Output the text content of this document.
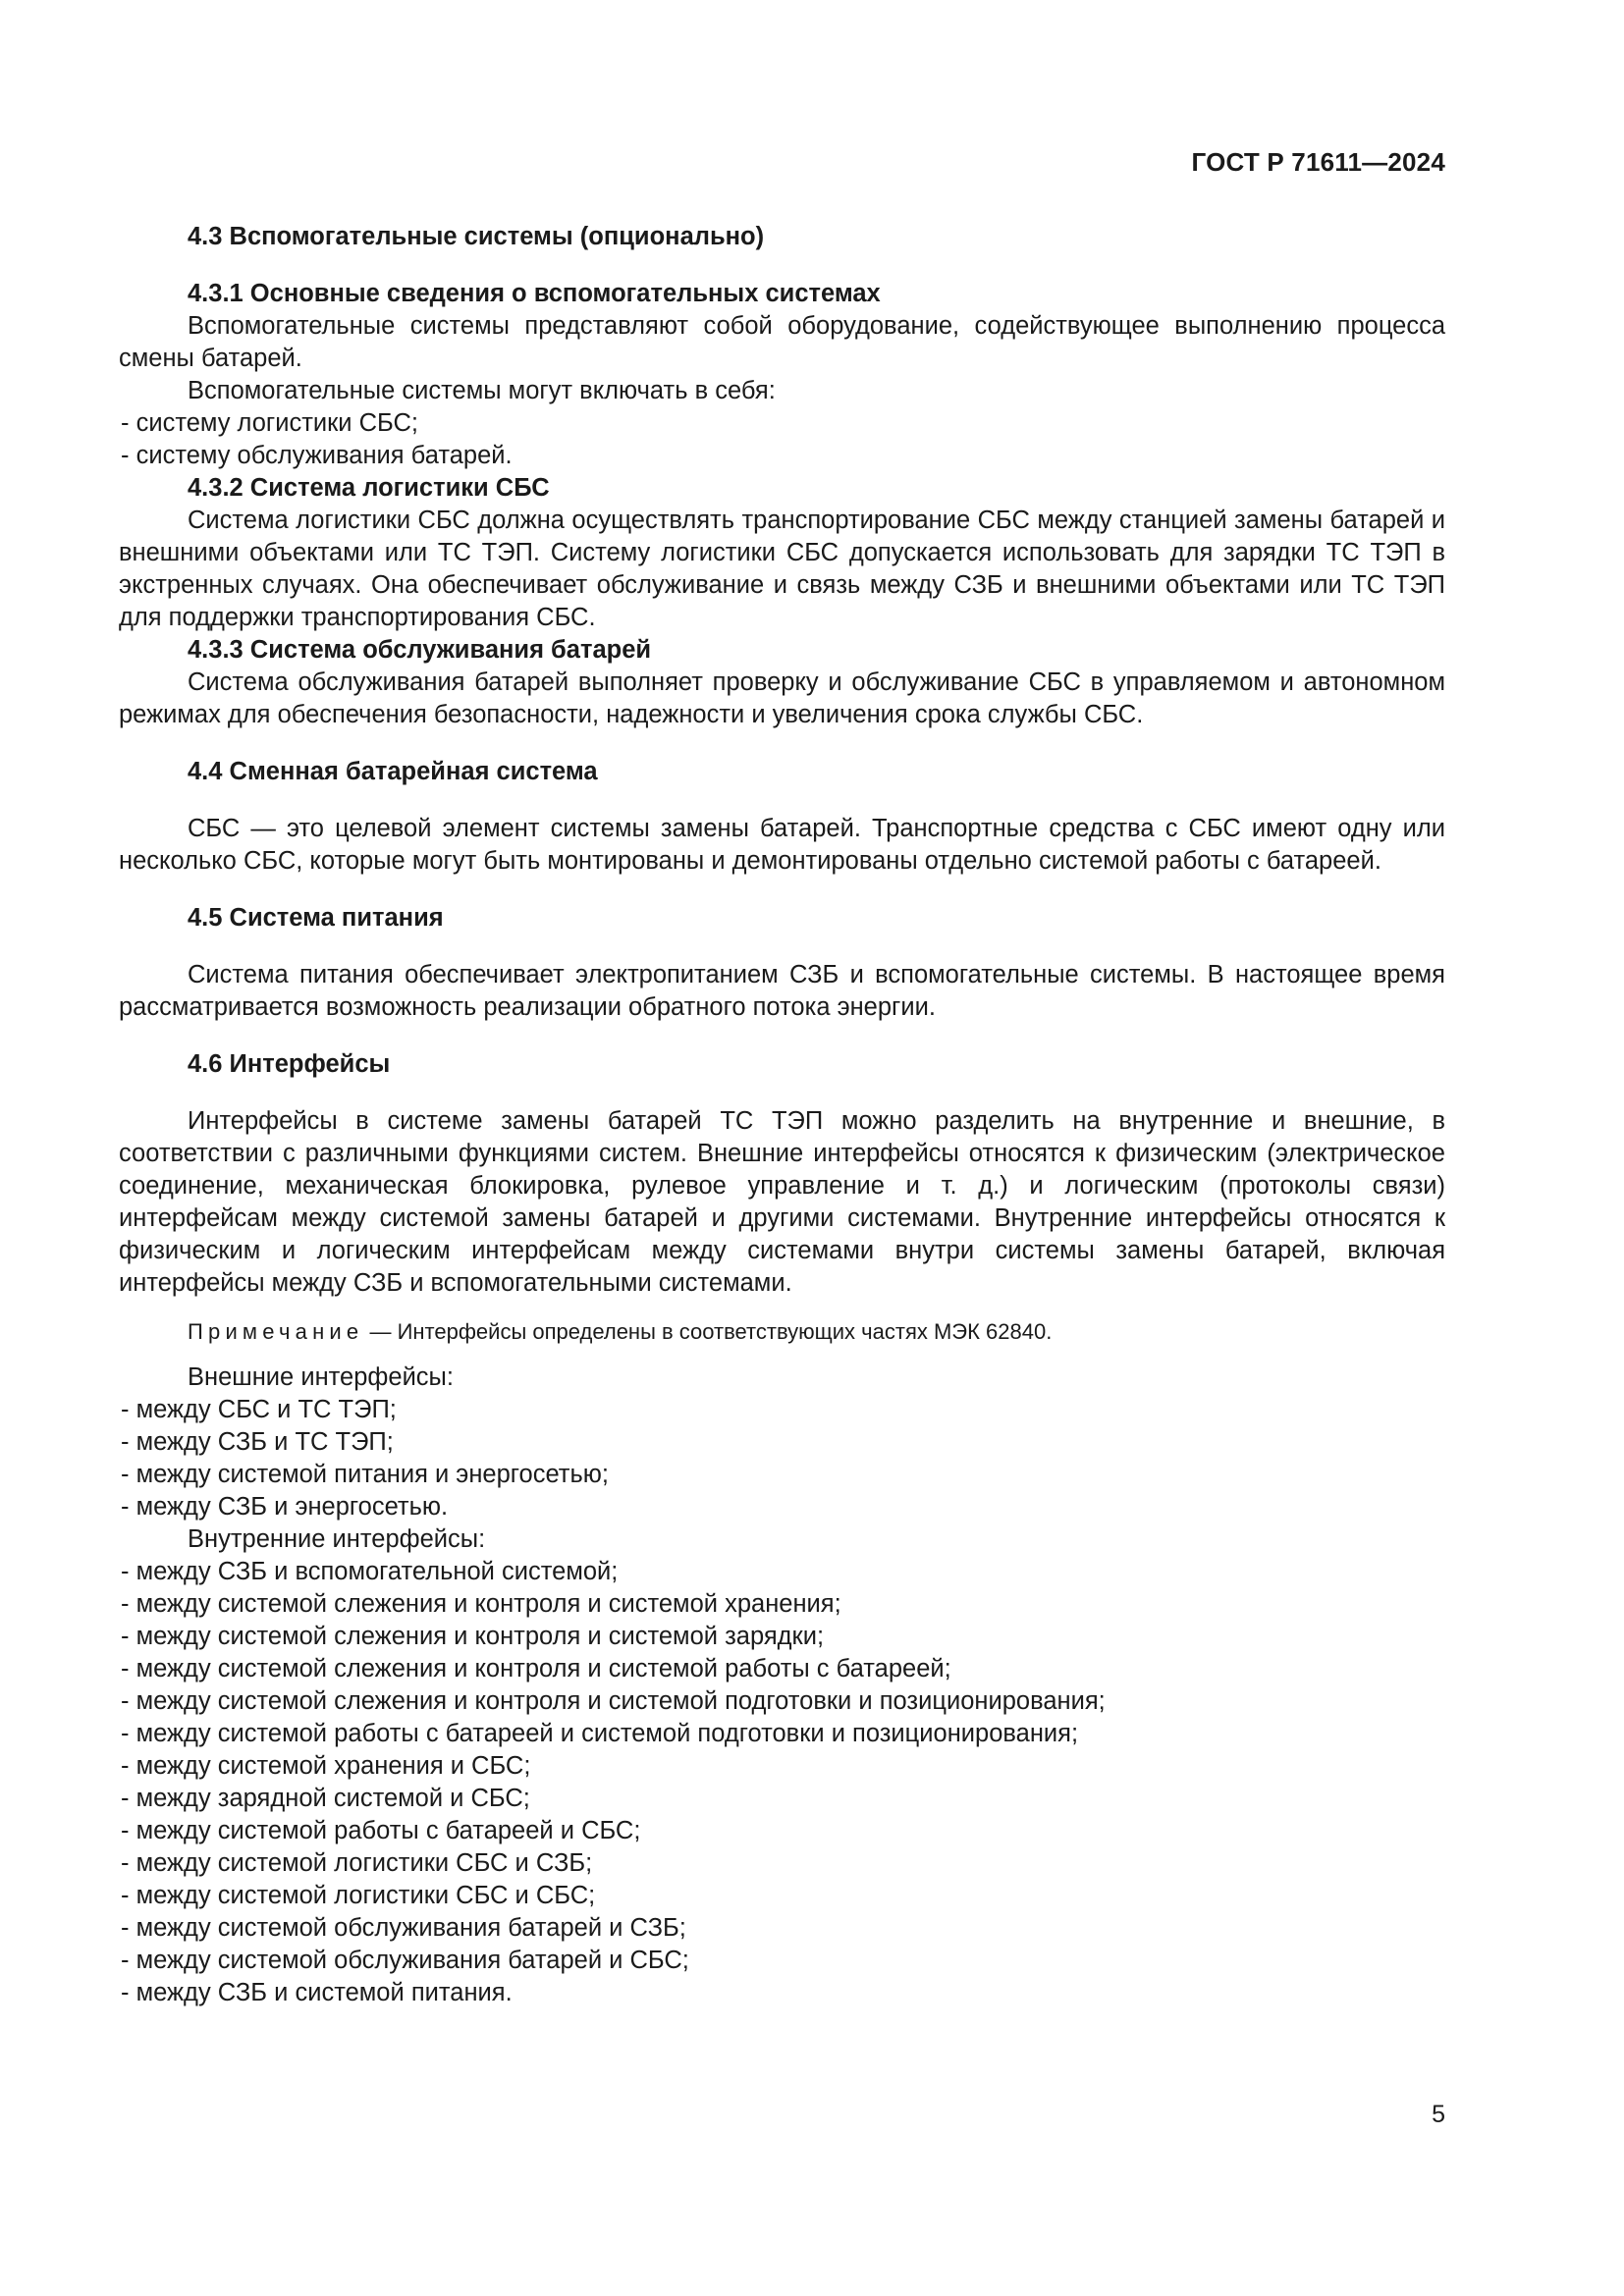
ГОСТ Р 71611—2024
4.3 Вспомогательные системы (опционально)
4.3.1 Основные сведения о вспомогательных системах
Вспомогательные системы представляют собой оборудование, содействующее выполнению процесса смены батарей.
Вспомогательные системы могут включать в себя:
- систему логистики СБС;
- систему обслуживания батарей.
4.3.2 Система логистики СБС
Система логистики СБС должна осуществлять транспортирование СБС между станцией замены батарей и внешними объектами или ТС ТЭП. Систему логистики СБС допускается использовать для зарядки ТС ТЭП в экстренных случаях. Она обеспечивает обслуживание и связь между СЗБ и внешними объектами или ТС ТЭП для поддержки транспортирования СБС.
4.3.3 Система обслуживания батарей
Система обслуживания батарей выполняет проверку и обслуживание СБС в управляемом и автономном режимах для обеспечения безопасности, надежности и увеличения срока службы СБС.
4.4 Сменная батарейная система
СБС — это целевой элемент системы замены батарей. Транспортные средства с СБС имеют одну или несколько СБС, которые могут быть монтированы и демонтированы отдельно системой работы с батареей.
4.5 Система питания
Система питания обеспечивает электропитанием СЗБ и вспомогательные системы. В настоящее время рассматривается возможность реализации обратного потока энергии.
4.6 Интерфейсы
Интерфейсы в системе замены батарей ТС ТЭП можно разделить на внутренние и внешние, в соответствии с различными функциями систем. Внешние интерфейсы относятся к физическим (электрическое соединение, механическая блокировка, рулевое управление и т. д.) и логическим (протоколы связи) интерфейсам между системой замены батарей и другими системами. Внутренние интерфейсы относятся к физическим и логическим интерфейсам между системами внутри системы замены батарей, включая интерфейсы между СЗБ и вспомогательными системами.
Примечание — Интерфейсы определены в соответствующих частях МЭК 62840.
Внешние интерфейсы:
- между СБС и ТС ТЭП;
- между СЗБ и ТС ТЭП;
- между системой питания и энергосетью;
- между СЗБ и энергосетью.
Внутренние интерфейсы:
- между СЗБ и вспомогательной системой;
- между системой слежения и контроля и системой хранения;
- между системой слежения и контроля и системой зарядки;
- между системой слежения и контроля и системой работы с батареей;
- между системой слежения и контроля и системой подготовки и позиционирования;
- между системой работы с батареей и системой подготовки и позиционирования;
- между системой хранения и СБС;
- между зарядной системой и СБС;
- между системой работы с батареей и СБС;
- между системой логистики СБС и СЗБ;
- между системой логистики СБС и СБС;
- между системой обслуживания батарей и СЗБ;
- между системой обслуживания батарей и СБС;
- между СЗБ и системой питания.
5
